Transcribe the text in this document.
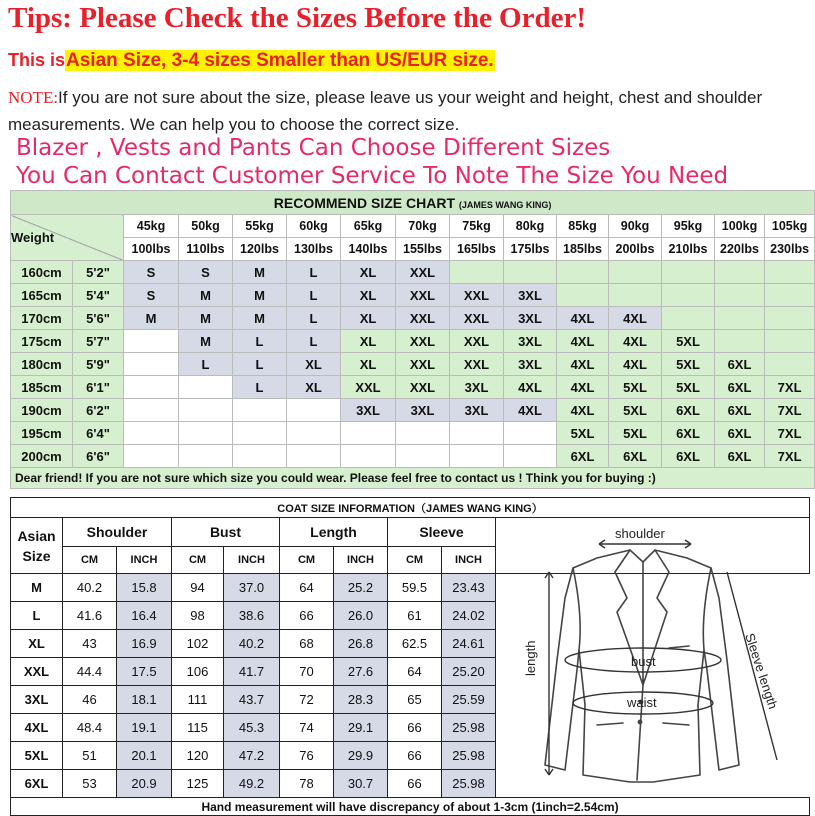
Tips: Please Check the Sizes Before the Order!
This isAsian Size, 3-4 sizes Smaller than US/EUR size.
NOTE:If you are not sure about the size, please leave us your weight and height, chest and shoulder measurements. We can help you to choose the correct size.
Blazer , Vests and Pants Can Choose Different Sizes
You Can Contact Customer Service To Note The Size You Need
RECOMMEND SIZE CHART (JAMES WANG KING)														
Weight		45kg	50kg	55kg	60kg	65kg	70kg	75kg	80kg	85kg	90kg	95kg	100kg	105kg
		100lbs	110lbs	120lbs	130lbs	140lbs	155lbs	165lbs	175lbs	185lbs	200lbs	210lbs	220lbs	230lbs
160cm	5'2"	S	S	M	L	XL	XXL							
165cm	5'4"	S	M	M	L	XL	XXL	XXL	3XL					
170cm	5'6"	M	M	M	L	XL	XXL	XXL	3XL	4XL	4XL			
175cm	5'7"		M	L	L	XL	XXL	XXL	3XL	4XL	4XL	5XL		
180cm	5'9"		L	L	XL	XL	XXL	XXL	3XL	4XL	4XL	5XL	6XL	
185cm	6'1"			L	XL	XXL	XXL	3XL	4XL	4XL	5XL	5XL	6XL	7XL
190cm	6'2"					3XL	3XL	3XL	4XL	4XL	5XL	6XL	6XL	7XL
195cm	6'4"									5XL	5XL	6XL	6XL	7XL
200cm	6'6"									6XL	6XL	6XL	6XL	7XL
Dear friend! If you are not sure which size you could wear. Please feel free to contact us ! Think you for buying :)														
COAT SIZE INFORMATION（JAMES WANG KING）									
Asian
Size	Shoulder		Bust		Length		Sleeve		
	CM	INCH	CM	INCH	CM	INCH	CM	INCH	
M	40.2	15.8	94	37.0	64	25.2	59.5	23.43	
L	41.6	16.4	98	38.6	66	26.0	61	24.02	
XL	43	16.9	102	40.2	68	26.8	62.5	24.61	
XXL	44.4	17.5	106	41.7	70	27.6	64	25.20	
3XL	46	18.1	111	43.7	72	28.3	65	25.59	
4XL	48.4	19.1	115	45.3	74	29.1	66	25.98	
5XL	51	20.1	120	47.2	76	29.9	66	25.98	
6XL	53	20.9	125	49.2	78	30.7	66	25.98	
Hand measurement will have discrepancy of about 1-3cm (1inch=2.54cm)									
shoulder
length	bust
waist	Sleeve length
